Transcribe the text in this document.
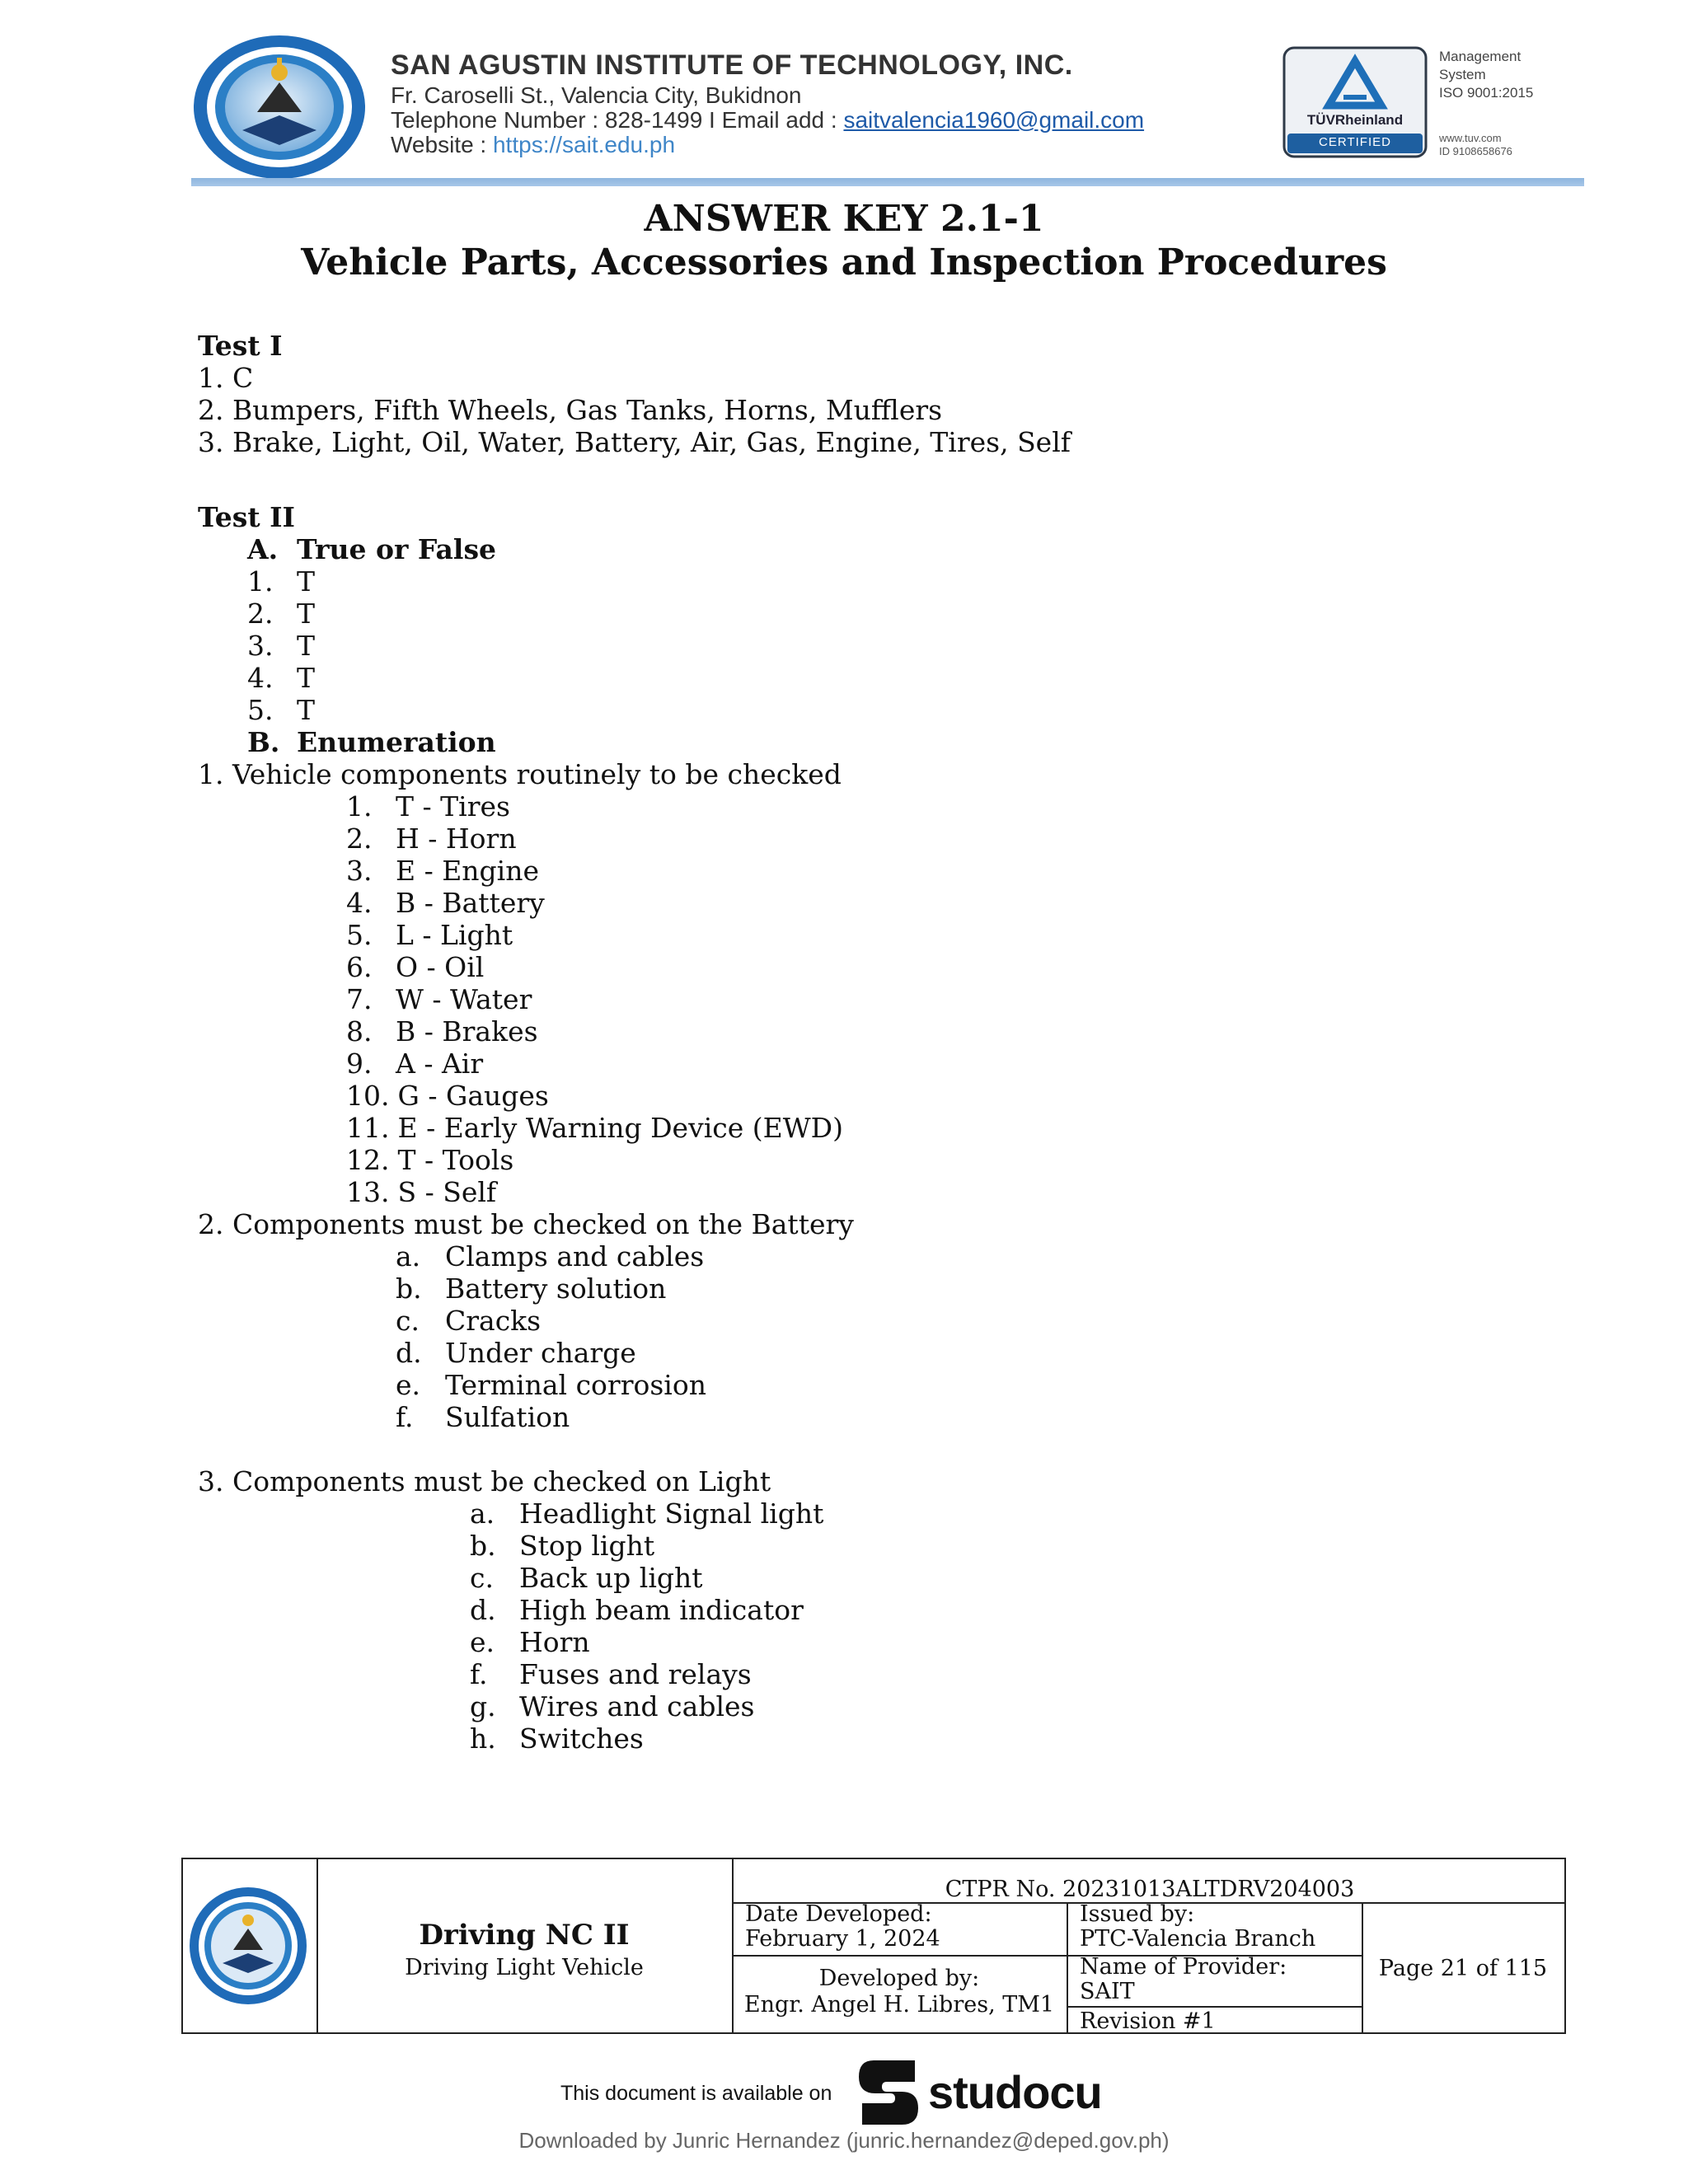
SAN AGUSTIN INSTITUTE OF TECHNOLOGY, INC.
Fr. Caroselli St., Valencia City, Bukidnon
Telephone Number : 828-1499 I Email add : saitvalencia1960@gmail.com
Website : https://sait.edu.ph
TÜVRheinland
CERTIFIED
Management
System
ISO 9001:2015
www.tuv.com
ID 9108658676
ANSWER KEY 2.1-1
Vehicle Parts, Accessories and Inspection Procedures

Test I

1. C

2. Bumpers, Fifth Wheels, Gas Tanks, Horns, Mufflers

3. Brake, Light, Oil, Water, Battery, Air, Gas, Engine, Tires, Self

Test II

A. True or False
1. T
2. T
3. T
4. T
5. T
B. Enumeration

1. Vehicle components routinely to be checked

1. T - Tires
2. H - Horn
3. E - Engine
4. B - Battery
5. L - Light
6. O - Oil
7. W - Water
8. B - Brakes
9. A - Air
10. G - Gauges
11. E - Early Warning Device (EWD)
12. T - Tools
13. S - Self

2. Components must be checked on the Battery

a. Clamps and cables
b. Battery solution
c. Cracks
d. Under charge
e. Terminal corrosion
f.	Sulfation

3. Components must be checked on Light

a. Headlight Signal light
b. Stop light
c. Back up light
d. High beam indicator
e. Horn
f.	Fuses and relays
g. Wires and cables
h. Switches
Driving NC II
Driving Light Vehicle
CTPR No. 20231013ALTDRV204003
Date Developed:
February 1, 2024
Developed by:
Engr. Angel H. Libres, TM1
Issued by:
PTC-Valencia Branch
Name of Provider:
SAIT
Revision #1
Page 21 of 115
This document is available on studocu
Downloaded by Junric Hernandez (junric.hernandez@deped.gov.ph)
